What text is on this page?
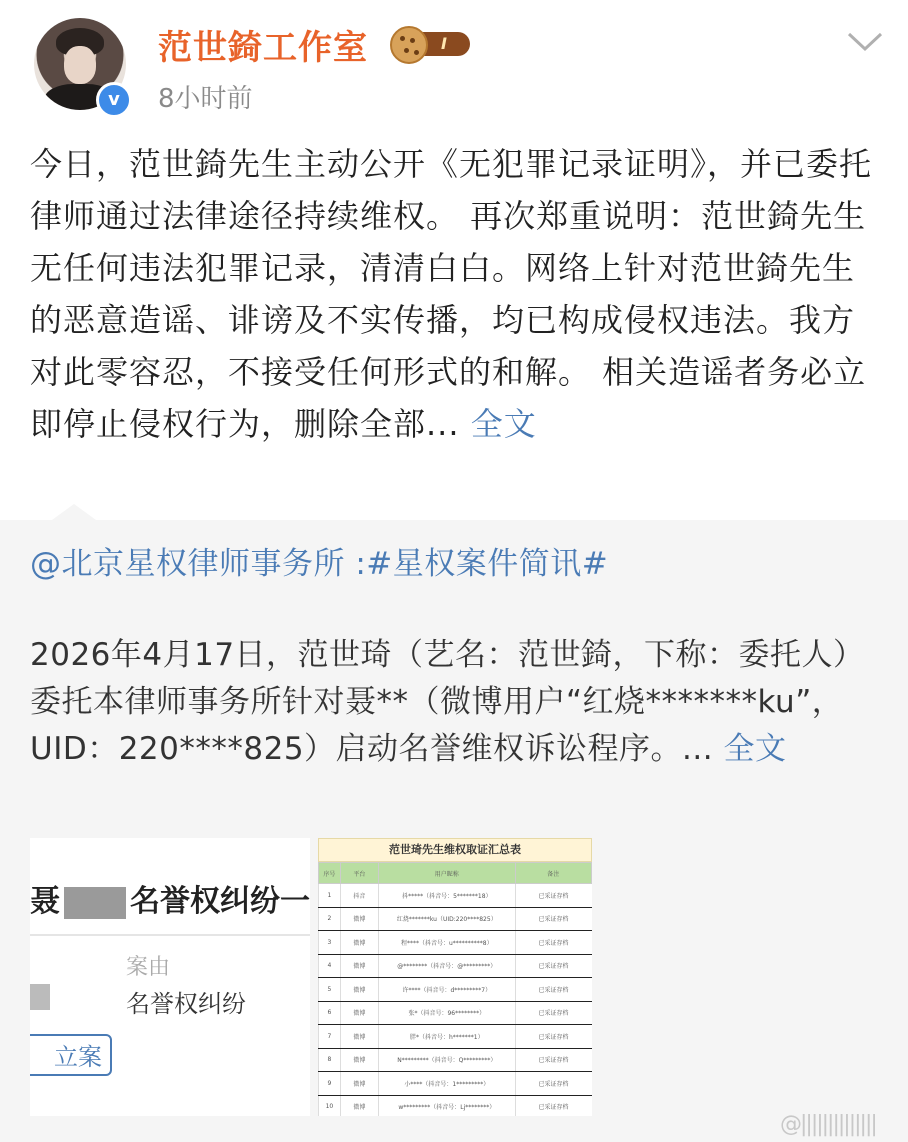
v
范世錡工作室	I
8小时前
今日，范世錡先生主动公开《无犯罪记录证明》，并已委托律师通过法律途径持续维权。 再次郑重说明：范世錡先生无任何违法犯罪记录，清清白白。网络上针对范世錡先生的恶意造谣、诽谤及不实传播，均已构成侵权违法。我方对此零容忍，不接受任何形式的和解。 相关造谣者务必立即停止侵权行为，删除全部... 全文
@北京星权律师事务所 :#星权案件简讯#
2026年4月17日，范世琦（艺名：范世錡，下称：委托人）委托本律师事务所针对聂**（微博用户“红烧*******ku”，UID：220****825）启动名誉维权诉讼程序。... 全文
聂 名誉权纠纷一
案由
名誉权纠纷
立案
范世琦先生维权取证汇总表
序号	平台	用户昵称	备注
1	抖音	抖*****（抖音号：5*******18）	已采证存档
2	微博	红烧*******ku（UID:220****825）	已采证存档
3	微博	程****（抖音号：u**********8）	已采证存档
4	微博	@********（抖音号：@*********）	已采证存档
5	微博	许****（抖音号：d*********7）	已采证存档
6	微博	张*（抖音号：96********）	已采证存档
7	微博	胖*（抖音号：h*******1）	已采证存档
8	微博	N*********（抖音号：Q*********）	已采证存档
9	微博	小****（抖音号：1*********）	已采证存档
10	微博	w*********（抖音号：Lj********）	已采证存档
@||||||||||||||
